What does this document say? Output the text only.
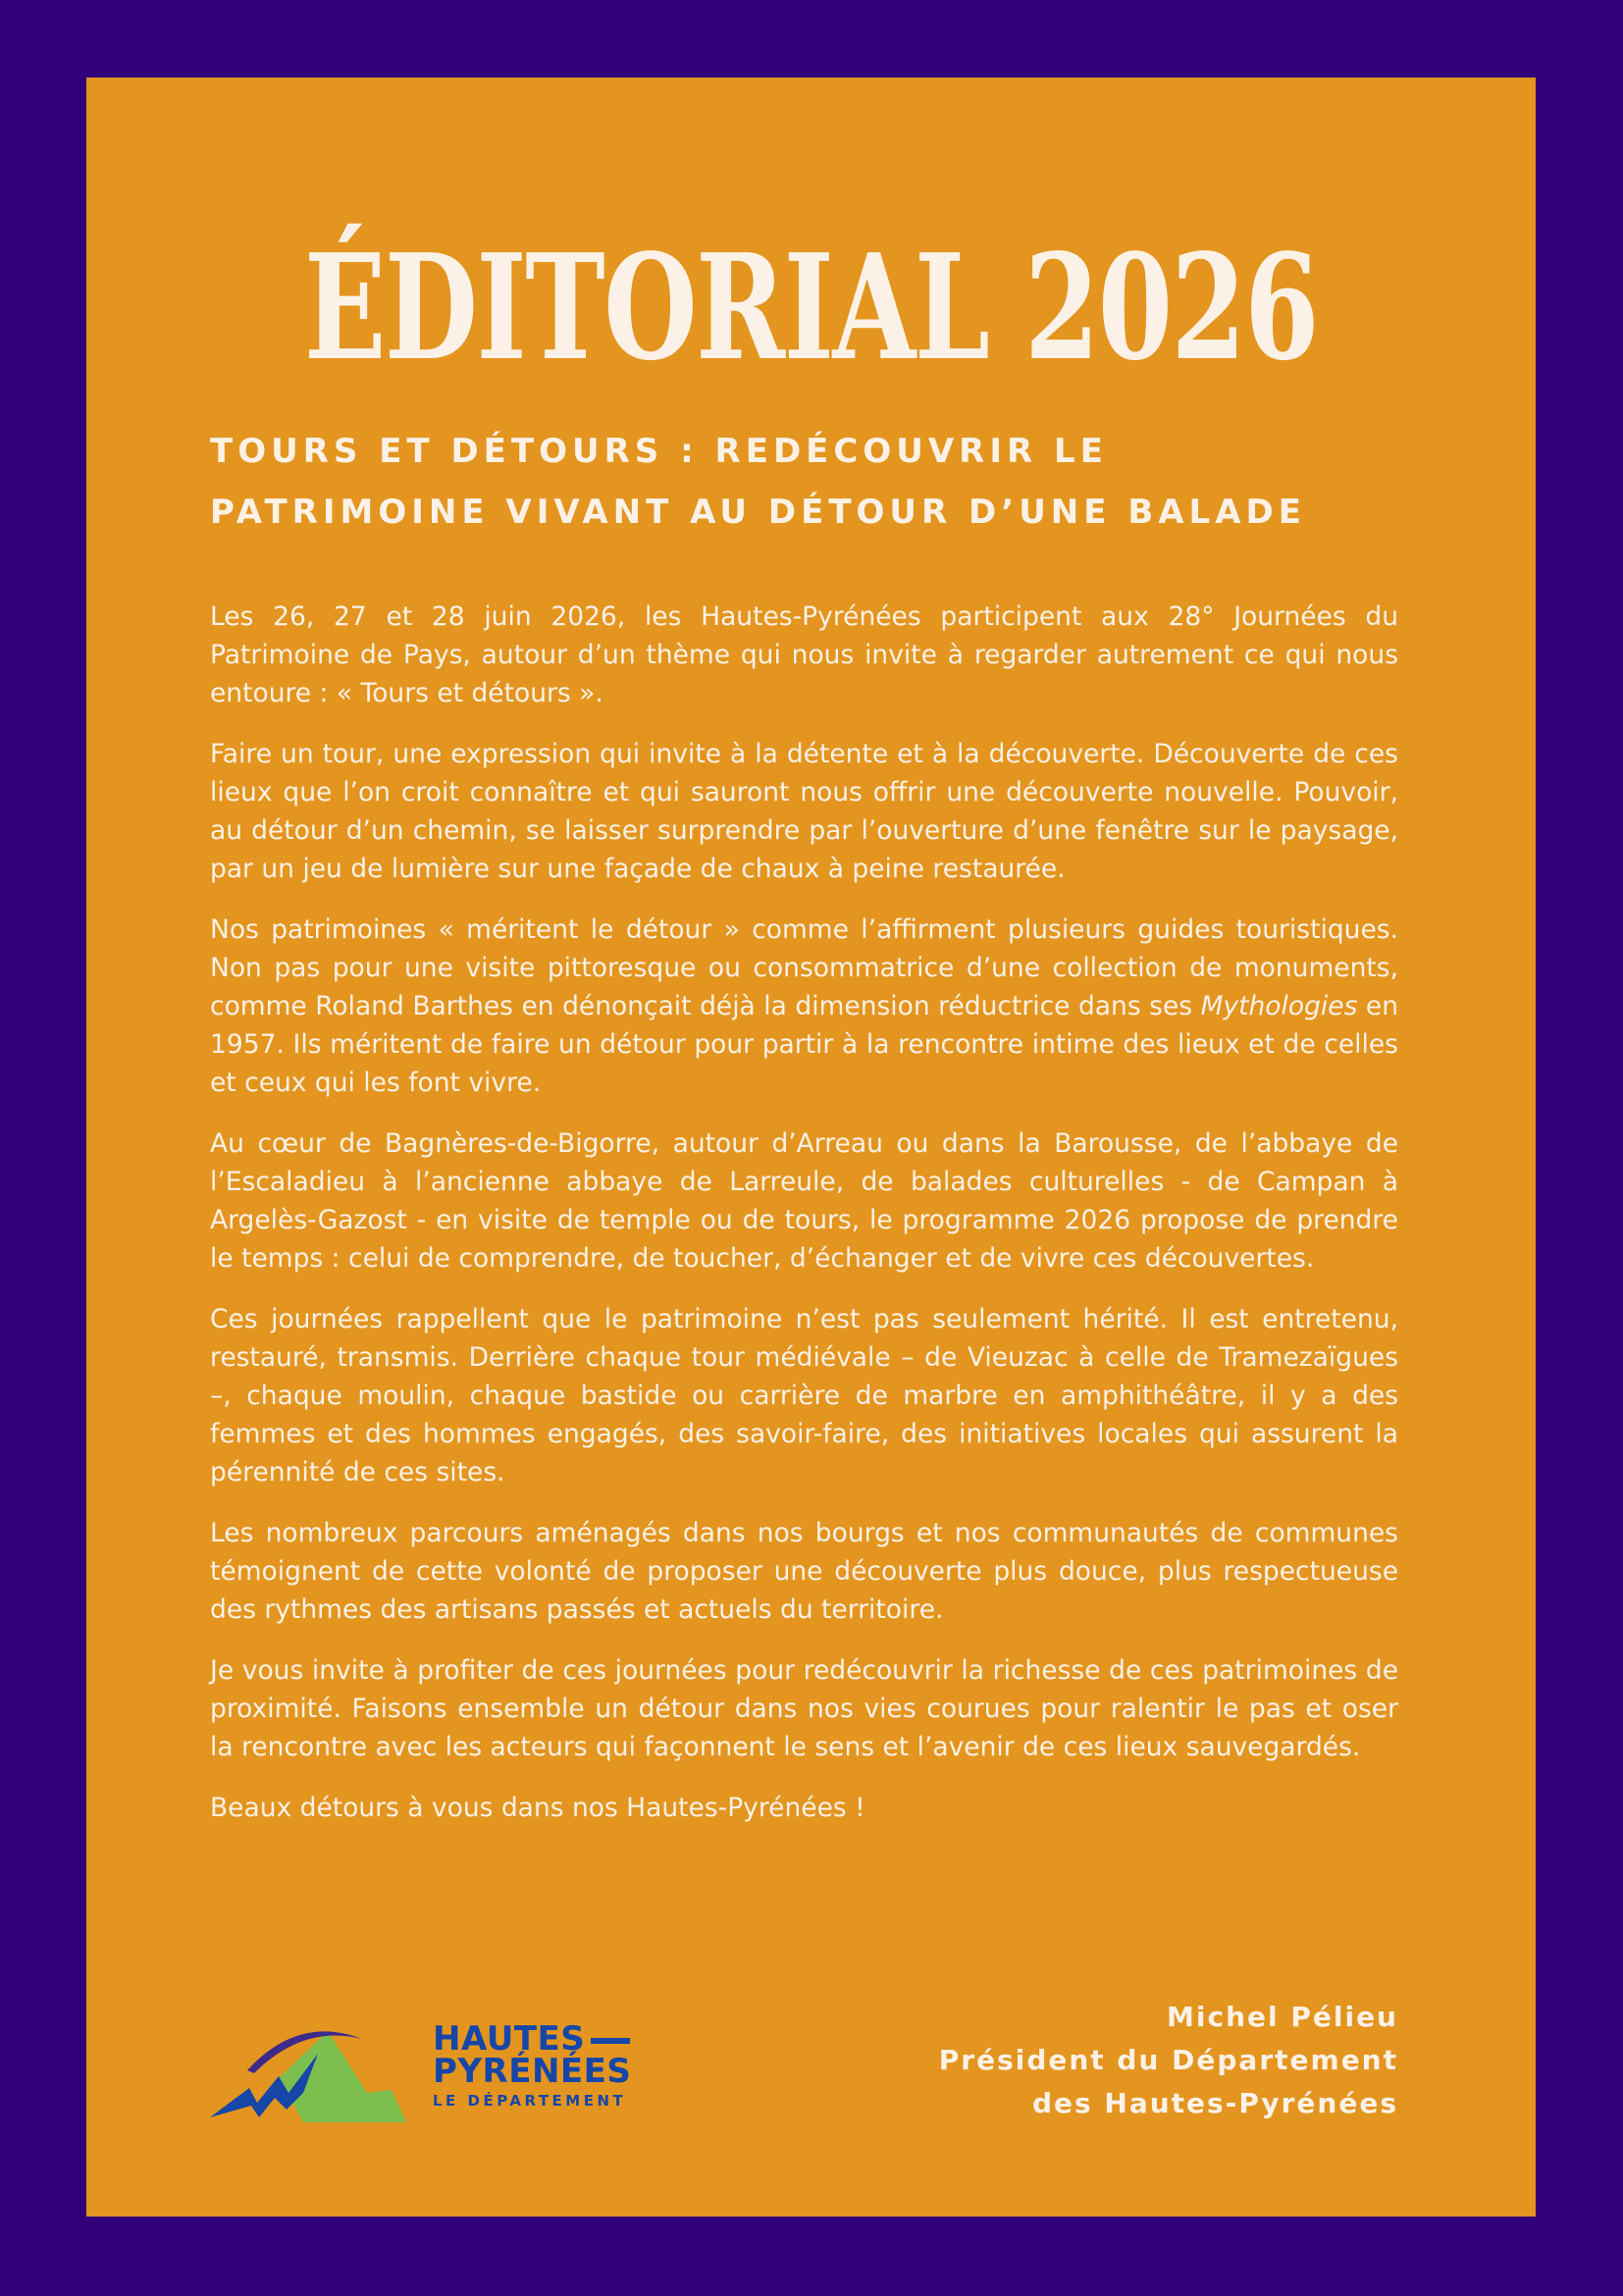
ÉDITORIAL 2026
TOURS ET DÉTOURS : REDÉCOUVRIR LE PATRIMOINE VIVANT AU DÉTOUR D’UNE BALADE

Les 26, 27 et 28 juin 2026, les Hautes-Pyrénées participent aux 28° Journées du Patrimoine de Pays, autour d’un thème qui nous invite à regarder autrement ce qui nous entoure : « Tours et détours ».

Faire un tour, une expression qui invite à la détente et à la découverte. Découverte de ces lieux que l’on croit connaître et qui sauront nous offrir une découverte nouvelle. Pouvoir, au détour d’un chemin, se laisser surprendre par l’ouverture d’une fenêtre sur le paysage, par un jeu de lumière sur une façade de chaux à peine restaurée.

Nos patrimoines « méritent le détour » comme l’affirment plusieurs guides touristiques. Non pas pour une visite pittoresque ou consommatrice d’une collection de monuments, comme Roland Barthes en dénonçait déjà la dimension réductrice dans ses Mythologies en 1957. Ils méritent de faire un détour pour partir à la rencontre intime des lieux et de celles et ceux qui les font vivre.

Au cœur de Bagnères-de-Bigorre, autour d’Arreau ou dans la Barousse, de l’abbaye de l’Escaladieu à l’ancienne abbaye de Larreule, de balades culturelles - de Campan à Argelès-Gazost - en visite de temple ou de tours, le programme 2026 propose de prendre le temps : celui de comprendre, de toucher, d’échanger et de vivre ces découvertes.

Ces journées rappellent que le patrimoine n’est pas seulement hérité. Il est entretenu, restauré, transmis. Derrière chaque tour médiévale – de Vieuzac à celle de Tramezaïgues –, chaque moulin, chaque bastide ou carrière de marbre en amphithéâtre, il y a des femmes et des hommes engagés, des savoir-faire, des initiatives locales qui assurent la pérennité de ces sites.

Les nombreux parcours aménagés dans nos bourgs et nos communautés de communes témoignent de cette volonté de proposer une découverte plus douce, plus respectueuse des rythmes des artisans passés et actuels du territoire.

Je vous invite à profiter de ces journées pour redécouvrir la richesse de ces patrimoines de proximité. Faisons ensemble un détour dans nos vies courues pour ralentir le pas et oser la rencontre avec les acteurs qui façonnent le sens et l’avenir de ces lieux sauvegardés.

Beaux détours à vous dans nos Hautes-Pyrénées !

HAUTES
PYRÉNÉES
LE DÉPARTEMENT
Michel Pélieu
Président du Département
des Hautes-Pyrénées
